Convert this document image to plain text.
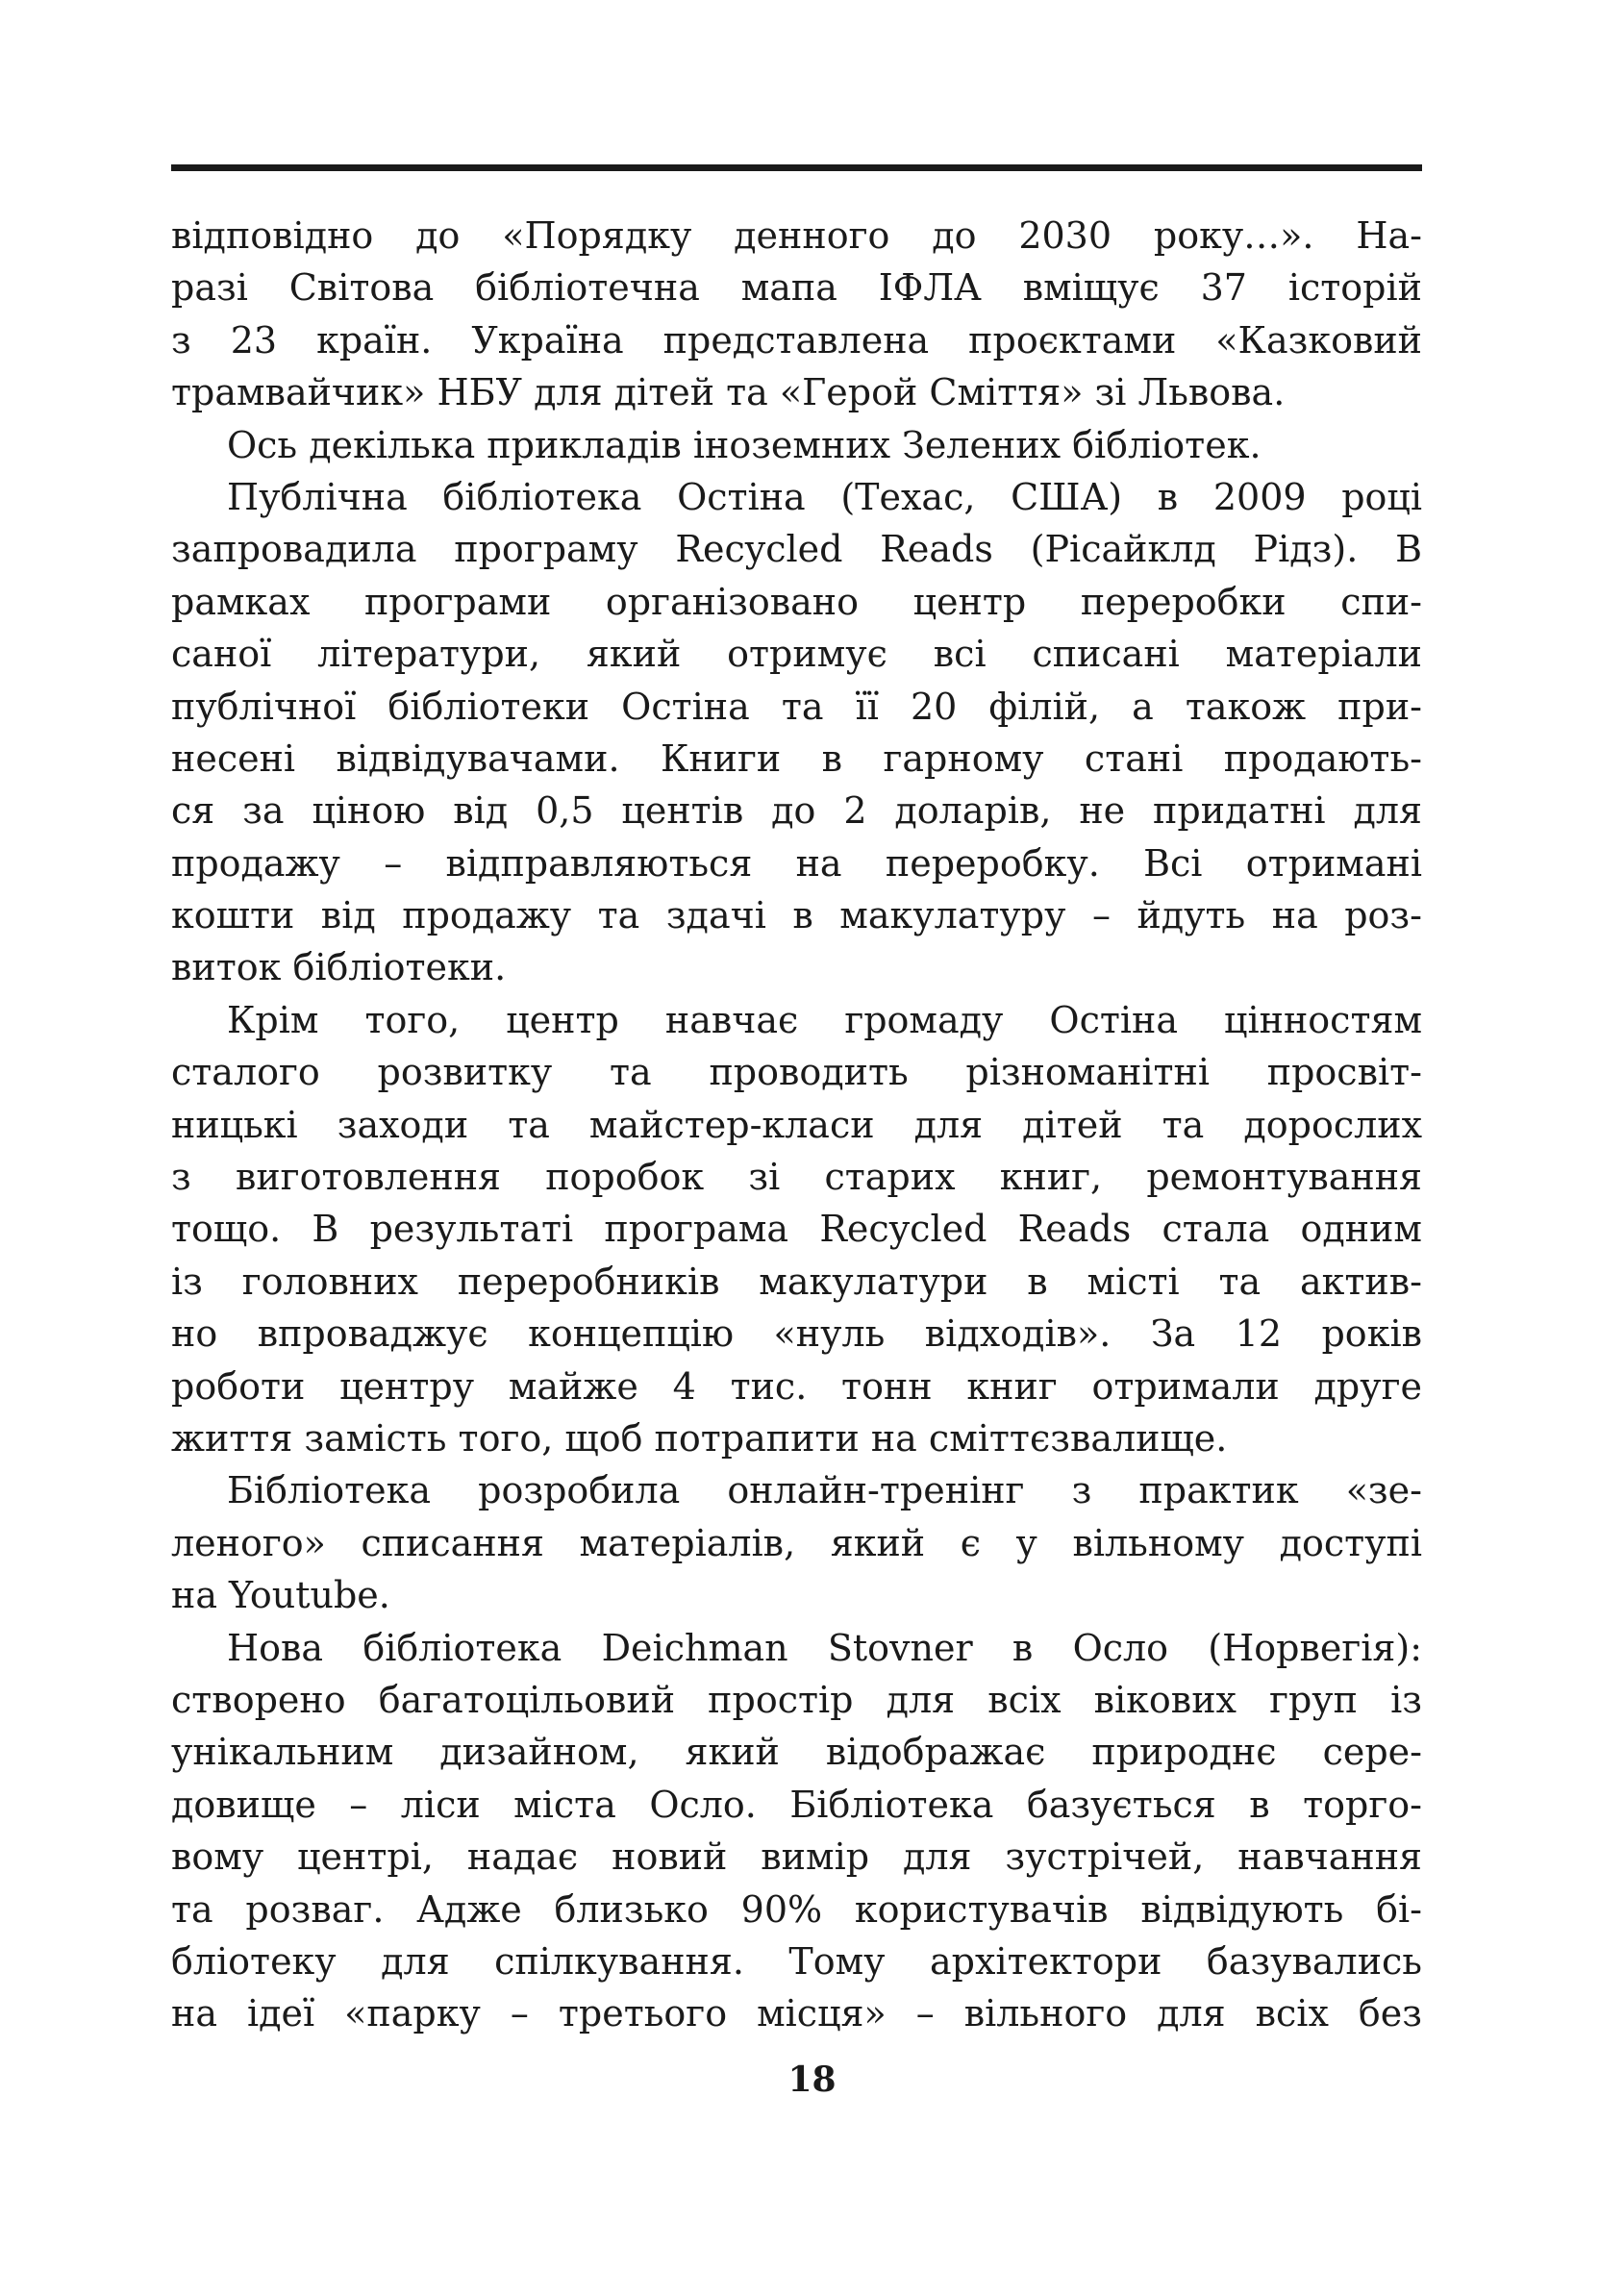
відповідно до «Порядку денного до 2030 року…». На-
разі Світова бібліотечна мапа ІФЛА вміщує 37 історій
з 23 країн. Україна представлена проєктами «Казковий
трамвайчик» НБУ для дітей та «Герой Сміття» зі Львова.
Ось декілька прикладів іноземних Зелених бібліотек.
Публічна бібліотека Остіна (Техас, США) в 2009 році
запровадила програму Recycled Reads (Рісайклд Рідз). В
рамках програми організовано центр переробки спи-
саної літератури, який отримує всі списані матеріали
публічної бібліотеки Остіна та її 20 філій, а також при-
несені відвідувачами. Книги в гарному стані продають-
ся за ціною від 0,5 центів до 2 доларів, не придатні для
продажу – відправляються на переробку. Всі отримані
кошти від продажу та здачі в макулатуру – йдуть на роз-
виток бібліотеки.
Крім того, центр навчає громаду Остіна цінностям
сталого розвитку та проводить різноманітні просвіт-
ницькі заходи та майстер-класи для дітей та дорослих
з виготовлення поробок зі старих книг, ремонтування
тощо. В результаті програма Recycled Reads стала одним
із головних переробників макулатури в місті та актив-
но впроваджує концепцію «нуль відходів». За 12 років
роботи центру майже 4 тис. тонн книг отримали друге
життя замість того, щоб потрапити на сміттєзвалище.
Бібліотека розробила онлайн-тренінг з практик «зе-
леного» списання матеріалів, який є у вільному доступі
на Youtube.
Нова бібліотека Deichman Stovner в Осло (Норвегія):
створено багатоцільовий простір для всіх вікових груп із
унікальним дизайном, який відображає природнє сере-
довище – ліси міста Осло. Бібліотека базується в торго-
вому центрі, надає новий вимір для зустрічей, навчання
та розваг. Адже близько 90% користувачів відвідують бі-
бліотеку для спілкування. Тому архітектори базувались
на ідеї «парку – третього місця» – вільного для всіх без
18
